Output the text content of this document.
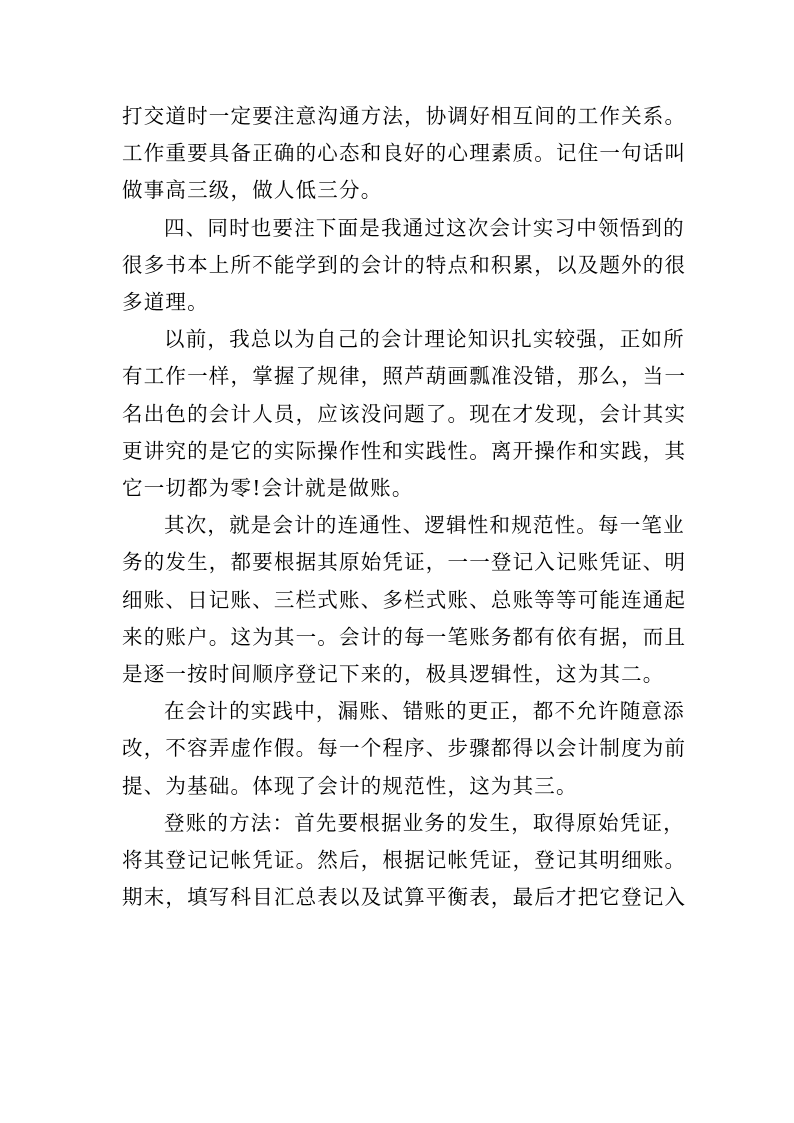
打交道时一定要注意沟通方法，协调好相互间的工作关系。
工作重要具备正确的心态和良好的心理素质。记住一句话叫
做事高三级，做人低三分。

四、同时也要注下面是我通过这次会计实习中领悟到的
很多书本上所不能学到的会计的特点和积累，以及题外的很
多道理。

以前，我总以为自己的会计理论知识扎实较强，正如所
有工作一样，掌握了规律，照芦葫画瓢准没错，那么，当一
名出色的会计人员，应该没问题了。现在才发现，会计其实
更讲究的是它的实际操作性和实践性。离开操作和实践，其
它一切都为零!会计就是做账。

其次，就是会计的连通性、逻辑性和规范性。每一笔业
务的发生，都要根据其原始凭证，一一登记入记账凭证、明
细账、日记账、三栏式账、多栏式账、总账等等可能连通起
来的账户。这为其一。会计的每一笔账务都有依有据，而且
是逐一按时间顺序登记下来的，极具逻辑性，这为其二。

在会计的实践中，漏账、错账的更正，都不允许随意添
改，不容弄虚作假。每一个程序、步骤都得以会计制度为前
提、为基础。体现了会计的规范性，这为其三。

登账的方法：首先要根据业务的发生，取得原始凭证，
将其登记记帐凭证。然后，根据记帐凭证，登记其明细账。
期末，填写科目汇总表以及试算平衡表，最后才把它登记入
